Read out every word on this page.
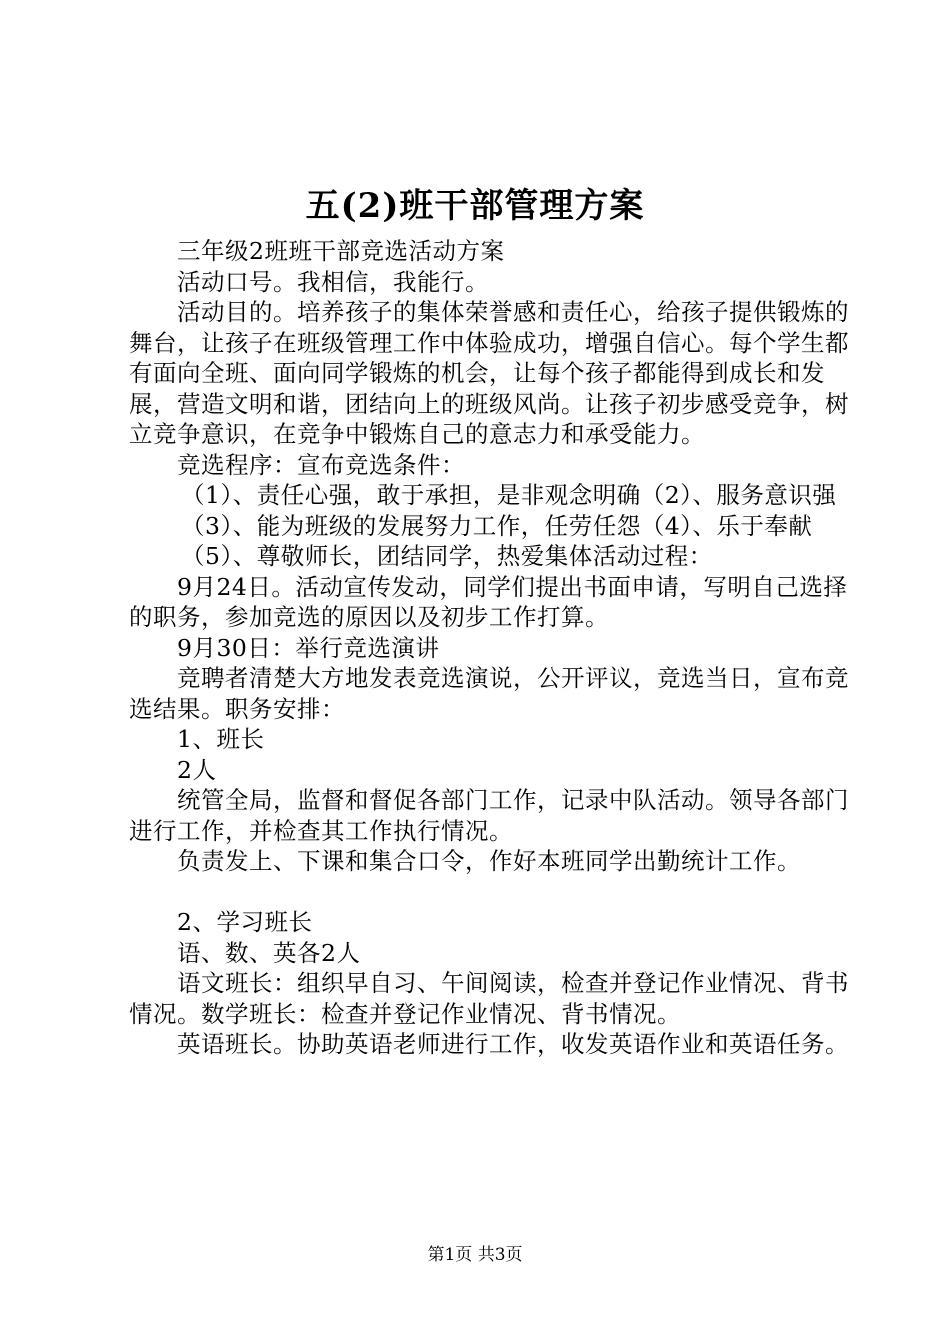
五(2)班干部管理方案

三年级2班班干部竞选活动方案

活动口号。我相信，我能行。

活动目的。培养孩子的集体荣誉感和责任心，给孩子提供锻炼的舞台，让孩子在班级管理工作中体验成功，增强自信心。每个学生都有面向全班、面向同学锻炼的机会，让每个孩子都能得到成长和发展，营造文明和谐，团结向上的班级风尚。让孩子初步感受竞争，树立竞争意识，在竞争中锻炼自己的意志力和承受能力。

竞选程序：宣布竞选条件：

（1）、责任心强，敢于承担，是非观念明确（2）、服务意识强

（3）、能为班级的发展努力工作，任劳任怨（4）、乐于奉献

（5）、尊敬师长，团结同学，热爱集体活动过程：

9月24日。活动宣传发动，同学们提出书面申请，写明自己选择的职务，参加竞选的原因以及初步工作打算。

9月30日：举行竞选演讲

竞聘者清楚大方地发表竞选演说，公开评议，竞选当日，宣布竞选结果。职务安排：

1、班长

2人

统管全局，监督和督促各部门工作，记录中队活动。领导各部门进行工作，并检查其工作执行情况。

负责发上、下课和集合口令，作好本班同学出勤统计工作。

2、学习班长

语、数、英各2人

语文班长：组织早自习、午间阅读，检查并登记作业情况、背书情况。数学班长：检查并登记作业情况、背书情况。

英语班长。协助英语老师进行工作，收发英语作业和英语任务。

第1页 共3页
